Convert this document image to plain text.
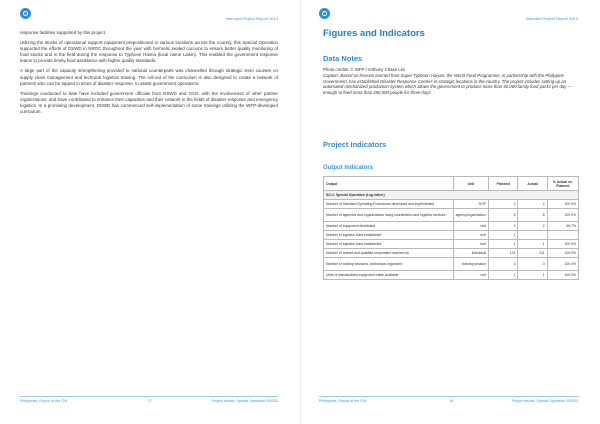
Intended Project Report 2013

response facilities supported by this project.

Utilizing the stocks of operational support equipment prepositioned in various locations across the country, this Special Operation supported the efforts of DSWD in NROC throughout the year with hermetic sealed cocoons to ensure better quality monitoring of food stocks and in the field during the response to Typhoon Haima (local name Lawin). This enabled the government response teams to provide timely food assistance with higher quality standards.

A large part of the capacity strengthening provided to national counterparts was channelled through strategic level courses on supply chain management and technical logistics training. The roll-out of the curriculum is also designed to create a network of partners who can be tapped in times of disaster response, to assist government operations.

Trainings conducted to date have included government officials from DSWD and OCD, with the involvement of other partner organizations, and have contributed to enhance their capacities and their network in the fields of disaster response and emergency logistics. In a promising development, DSWD has commenced self-implementation of some trainings utilizing the WFP-developed curriculum.

Philippines, Report of the ITM	17	Project results, Special Operation 200933
Intended Project Report 2013
Figures and Indicators
Data Notes
Photo credits: © WFP / Anthony Chase Lim
Caption: Based on lessons learned from Super Typhoon Haiyan, the World Food Programme, in partnership with the Philippine Government, has established Disaster Response Centers in strategic locations in the country. The project includes setting up an automated mechanized production system which allows the government to produce more than 50,000 family food packs per day — enough to feed more than 250,000 people for three days.
Project Indicators
Output Indicators
Output	Unit	Planned	Actual	% Actual vs. Planned
SO-1: Special Operation (Log./other)				
Number of Standard Operating Procedures developed and implemented	SOP	2	2	100.0%
Number of agencies and organizations using coordination and logistics services	agency/organization	8	8	100.0%
Number of equipment distributed	unit	3	2	66.7%
Number of logistics hubs established	hub	1		
Number of logistics hubs established	hub	1	1	100.0%
Number of trained and qualified responders reached by	individual	121	121	100.0%
Number of training sessions, workshops organized	training session	3	3	100.0%
Units of standardized equipment made available	unit	1	1	100.0%
Philippines, Report of the ITM	18	Project results, Special Operation 200933
